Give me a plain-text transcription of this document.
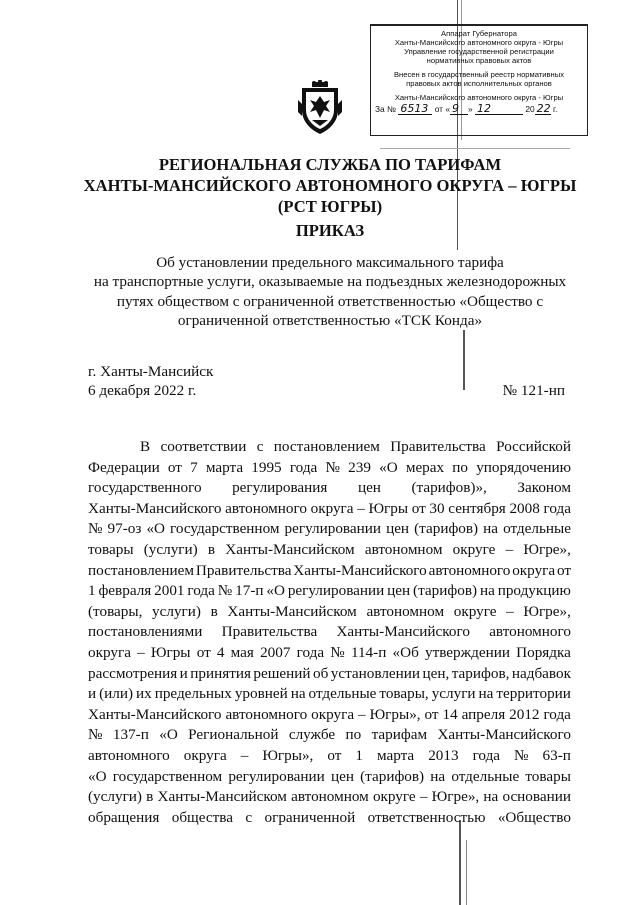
Аппарат Губернатора
Ханты-Мансийского автономного округа - Югры
Управление государственной регистрации
нормативных правовых актов
Внесен в государственный реестр нормативных
правовых актов исполнительных органов
Ханты-Мансийского автономного округа - Югры
За № 6513 от « 9 » 12	20 22 г.
РЕГИОНАЛЬНАЯ СЛУЖБА ПО ТАРИФАМ
ХАНТЫ-МАНСИЙСКОГО АВТОНОМНОГО ОКРУГА – ЮГРЫ
(РСТ ЮГРЫ)
ПРИКАЗ
Об установлении предельного максимального тарифа
на транспортные услуги, оказываемые на подъездных железнодорожных
путях обществом с ограниченной ответственностью «Общество с
ограниченной ответственностью «ТСК Конда»
г. Ханты-Мансийск
6 декабря 2022 г.	№ 121-нп
В соответствии с постановлением Правительства Российской
Федерации от 7 марта 1995 года № 239 «О мерах по упорядочению
государственного регулирования цен (тарифов)», Законом
Ханты-Мансийского автономного округа – Югры от 30 сентября 2008 года
№ 97-оз «О государственном регулировании цен (тарифов) на отдельные
товары (услуги) в Ханты-Мансийском автономном округе – Югре»,
постановлением Правительства Ханты-Мансийского автономного округа от
1 февраля 2001 года № 17-п «О регулировании цен (тарифов) на продукцию
(товары, услуги) в Ханты-Мансийском автономном округе – Югре»,
постановлениями Правительства Ханты-Мансийского автономного
округа – Югры от 4 мая 2007 года № 114-п «Об утверждении Порядка
рассмотрения и принятия решений об установлении цен, тарифов, надбавок
и (или) их предельных уровней на отдельные товары, услуги на территории
Ханты-Мансийского автономного округа – Югры», от 14 апреля 2012 года
№ 137-п «О Региональной службе по тарифам Ханты-Мансийского
автономного округа – Югры», от 1 марта 2013 года № 63-п
«О государственном регулировании цен (тарифов) на отдельные товары
(услуги) в Ханты-Мансийском автономном округе – Югре», на основании
обращения общества с ограниченной ответственностью «Общество
